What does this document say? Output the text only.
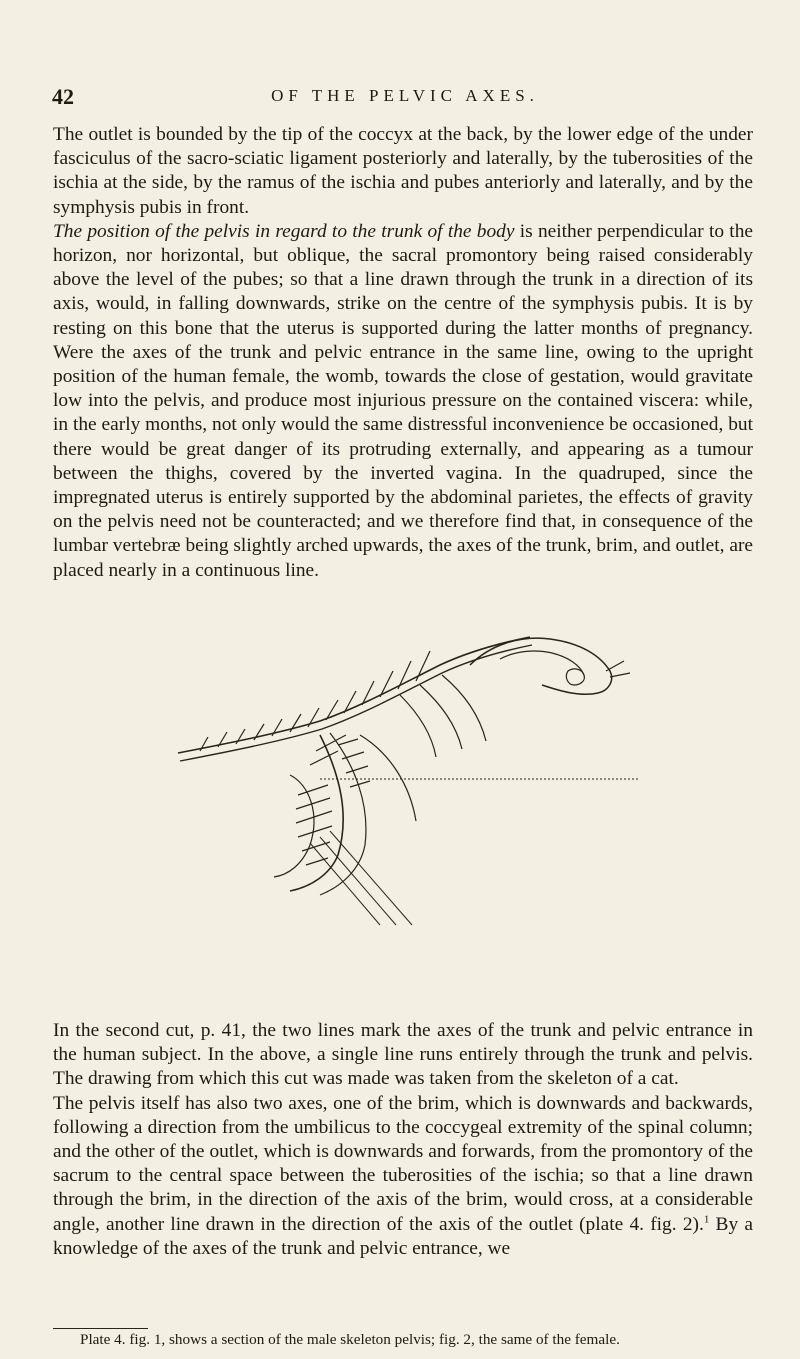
42	OF THE PELVIC AXES.

The outlet is bounded by the tip of the coccyx at the back, by the lower edge of the under fasciculus of the sacro-sciatic ligament posteriorly and laterally, by the tuberosities of the ischia at the side, by the ramus of the ischia and pubes anteriorly and laterally, and by the symphysis pubis in front.

The position of the pelvis in regard to the trunk of the body is neither perpendicular to the horizon, nor horizontal, but oblique, the sacral promontory being raised considerably above the level of the pubes; so that a line drawn through the trunk in a direction of its axis, would, in falling downwards, strike on the centre of the symphysis pubis. It is by resting on this bone that the uterus is supported during the latter months of pregnancy. Were the axes of the trunk and pelvic entrance in the same line, owing to the upright position of the human female, the womb, towards the close of gestation, would gravitate low into the pelvis, and produce most injurious pressure on the contained viscera: while, in the early months, not only would the same distressful inconvenience be occasioned, but there would be great danger of its protruding externally, and appearing as a tumour between the thighs, covered by the inverted vagina. In the quadruped, since the impregnated uterus is entirely supported by the abdominal parietes, the effects of gravity on the pelvis need not be counteracted; and we therefore find that, in consequence of the lumbar vertebræ being slightly arched upwards, the axes of the trunk, brim, and outlet, are placed nearly in a continuous line.

In the second cut, p. 41, the two lines mark the axes of the trunk and pelvic entrance in the human subject. In the above, a single line runs entirely through the trunk and pelvis. The drawing from which this cut was made was taken from the skeleton of a cat.

The pelvis itself has also two axes, one of the brim, which is downwards and backwards, following a direction from the umbilicus to the coccygeal extremity of the spinal column; and the other of the outlet, which is downwards and forwards, from the promontory of the sacrum to the central space between the tuberosities of the ischia; so that a line drawn through the brim, in the direction of the axis of the brim, would cross, at a considerable angle, another line drawn in the direction of the axis of the outlet (plate 4. fig. 2).$^1$ By a knowledge of the axes of the trunk and pelvic entrance, we

Plate 4. fig. 1, shows a section of the male skeleton pelvis; fig. 2, the same of the female.
